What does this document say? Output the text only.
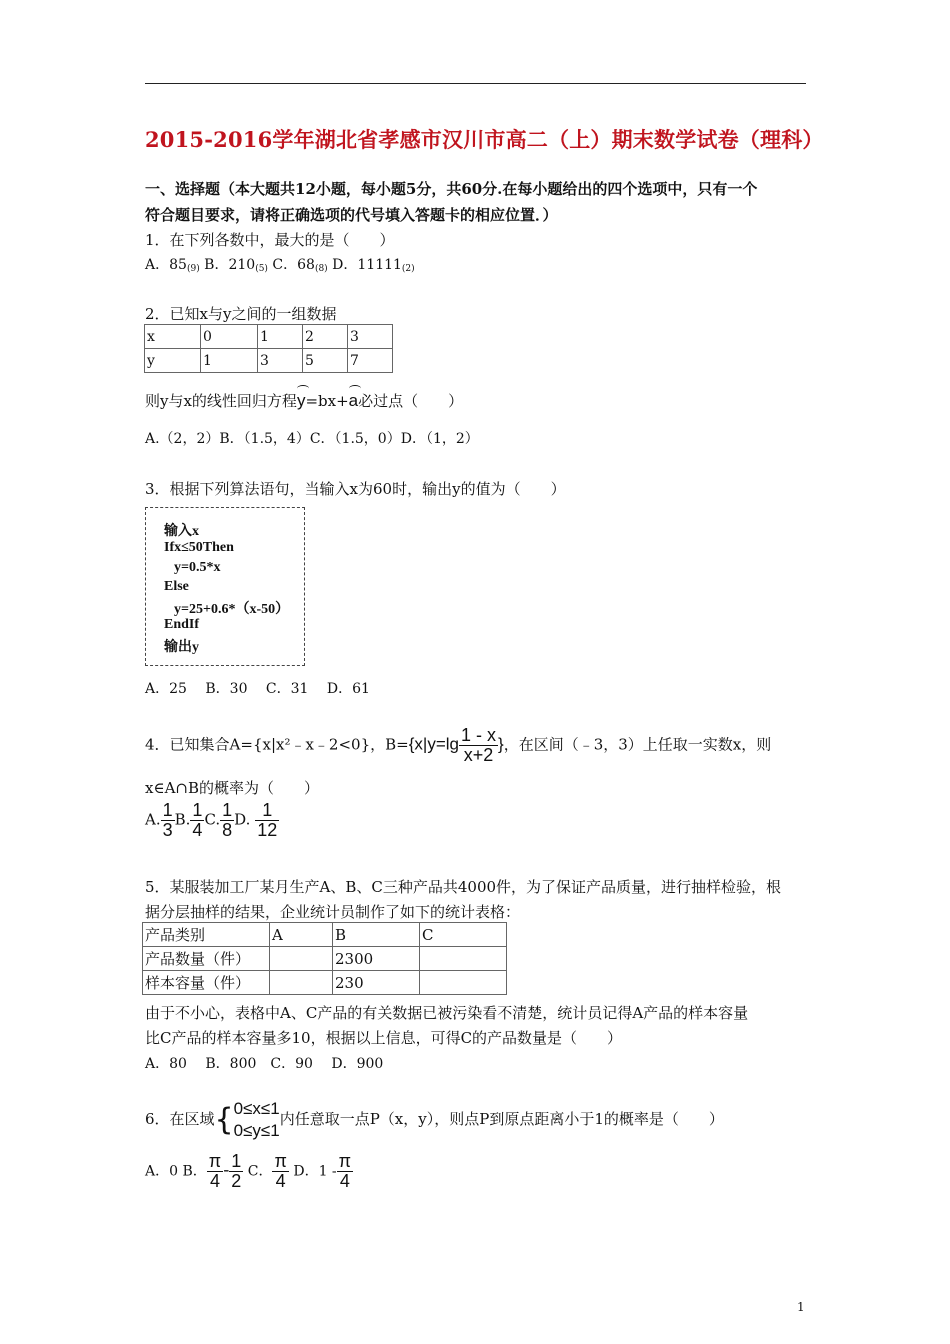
2015-2016学年湖北省孝感市汉川市高二（上）期末数学试卷（理科）
一、选择题（本大题共12小题，每小题5分，共60分.在每小题给出的四个选项中，只有一个
符合题目要求，请将正确选项的代号填入答题卡的相应位置．）
1．在下列各数中，最大的是（　　）
A．$85_{(9)}$ B．$210_{(5)}$ C．$68_{(8)}$ D．$11111_{(2)}$
2．已知x与y之间的一组数据
x	0	1	2	3
y	1	3	5	7
则y与x的线性回归方程y=bx+a必过点（　　）
A.（2，2）B．（1.5，4）C．（1.5，0）D．（1，2）
3．根据下列算法语句，当输入x为60时，输出y的值为（　　）
输入x
Ifx≤50Then
y=0.5*x
Else
y=25+0.6*（x-50）
EndIf
输出y
A．25　 B．30　 C．31　 D．61
4．已知集合A={x|x²﹣x﹣2<0}，$B=\{x|y=\lg \frac{1 - x}{x+2}$ }，在区间（﹣3，3）上任取一实数x，则
x∈A∩B的概率为（　　）
A. $\frac{1}{3} B$. $\frac{1}{4} C$. $\frac{1}{8} D$. $\frac{1}{12}$
5．某服装加工厂某月生产A、B、C三种产品共4000件，为了保证产品质量，进行抽样检验，根
据分层抽样的结果，企业统计员制作了如下的统计表格：
产品类别	A	B	C
产品数量（件）		2300	
样本容量（件）		230	
由于不小心，表格中A、C产品的有关数据已被污染看不清楚，统计员记得A产品的样本容量
比C产品的样本容量多10，根据以上信息，可得C的产品数量是（　　）
A．80　 B．800　C．90　 D．900
6．在区域{ 0≤x≤1
0≤y≤1
内任意取一点P（x，y），则点P到原点距离小于1的概率是（　　）
A．0 B． $\frac{\pi}{4} - \frac{1}{2}$ C． $\frac{\pi}{4}$ D．$1 - \frac{\pi}{4}$
1
